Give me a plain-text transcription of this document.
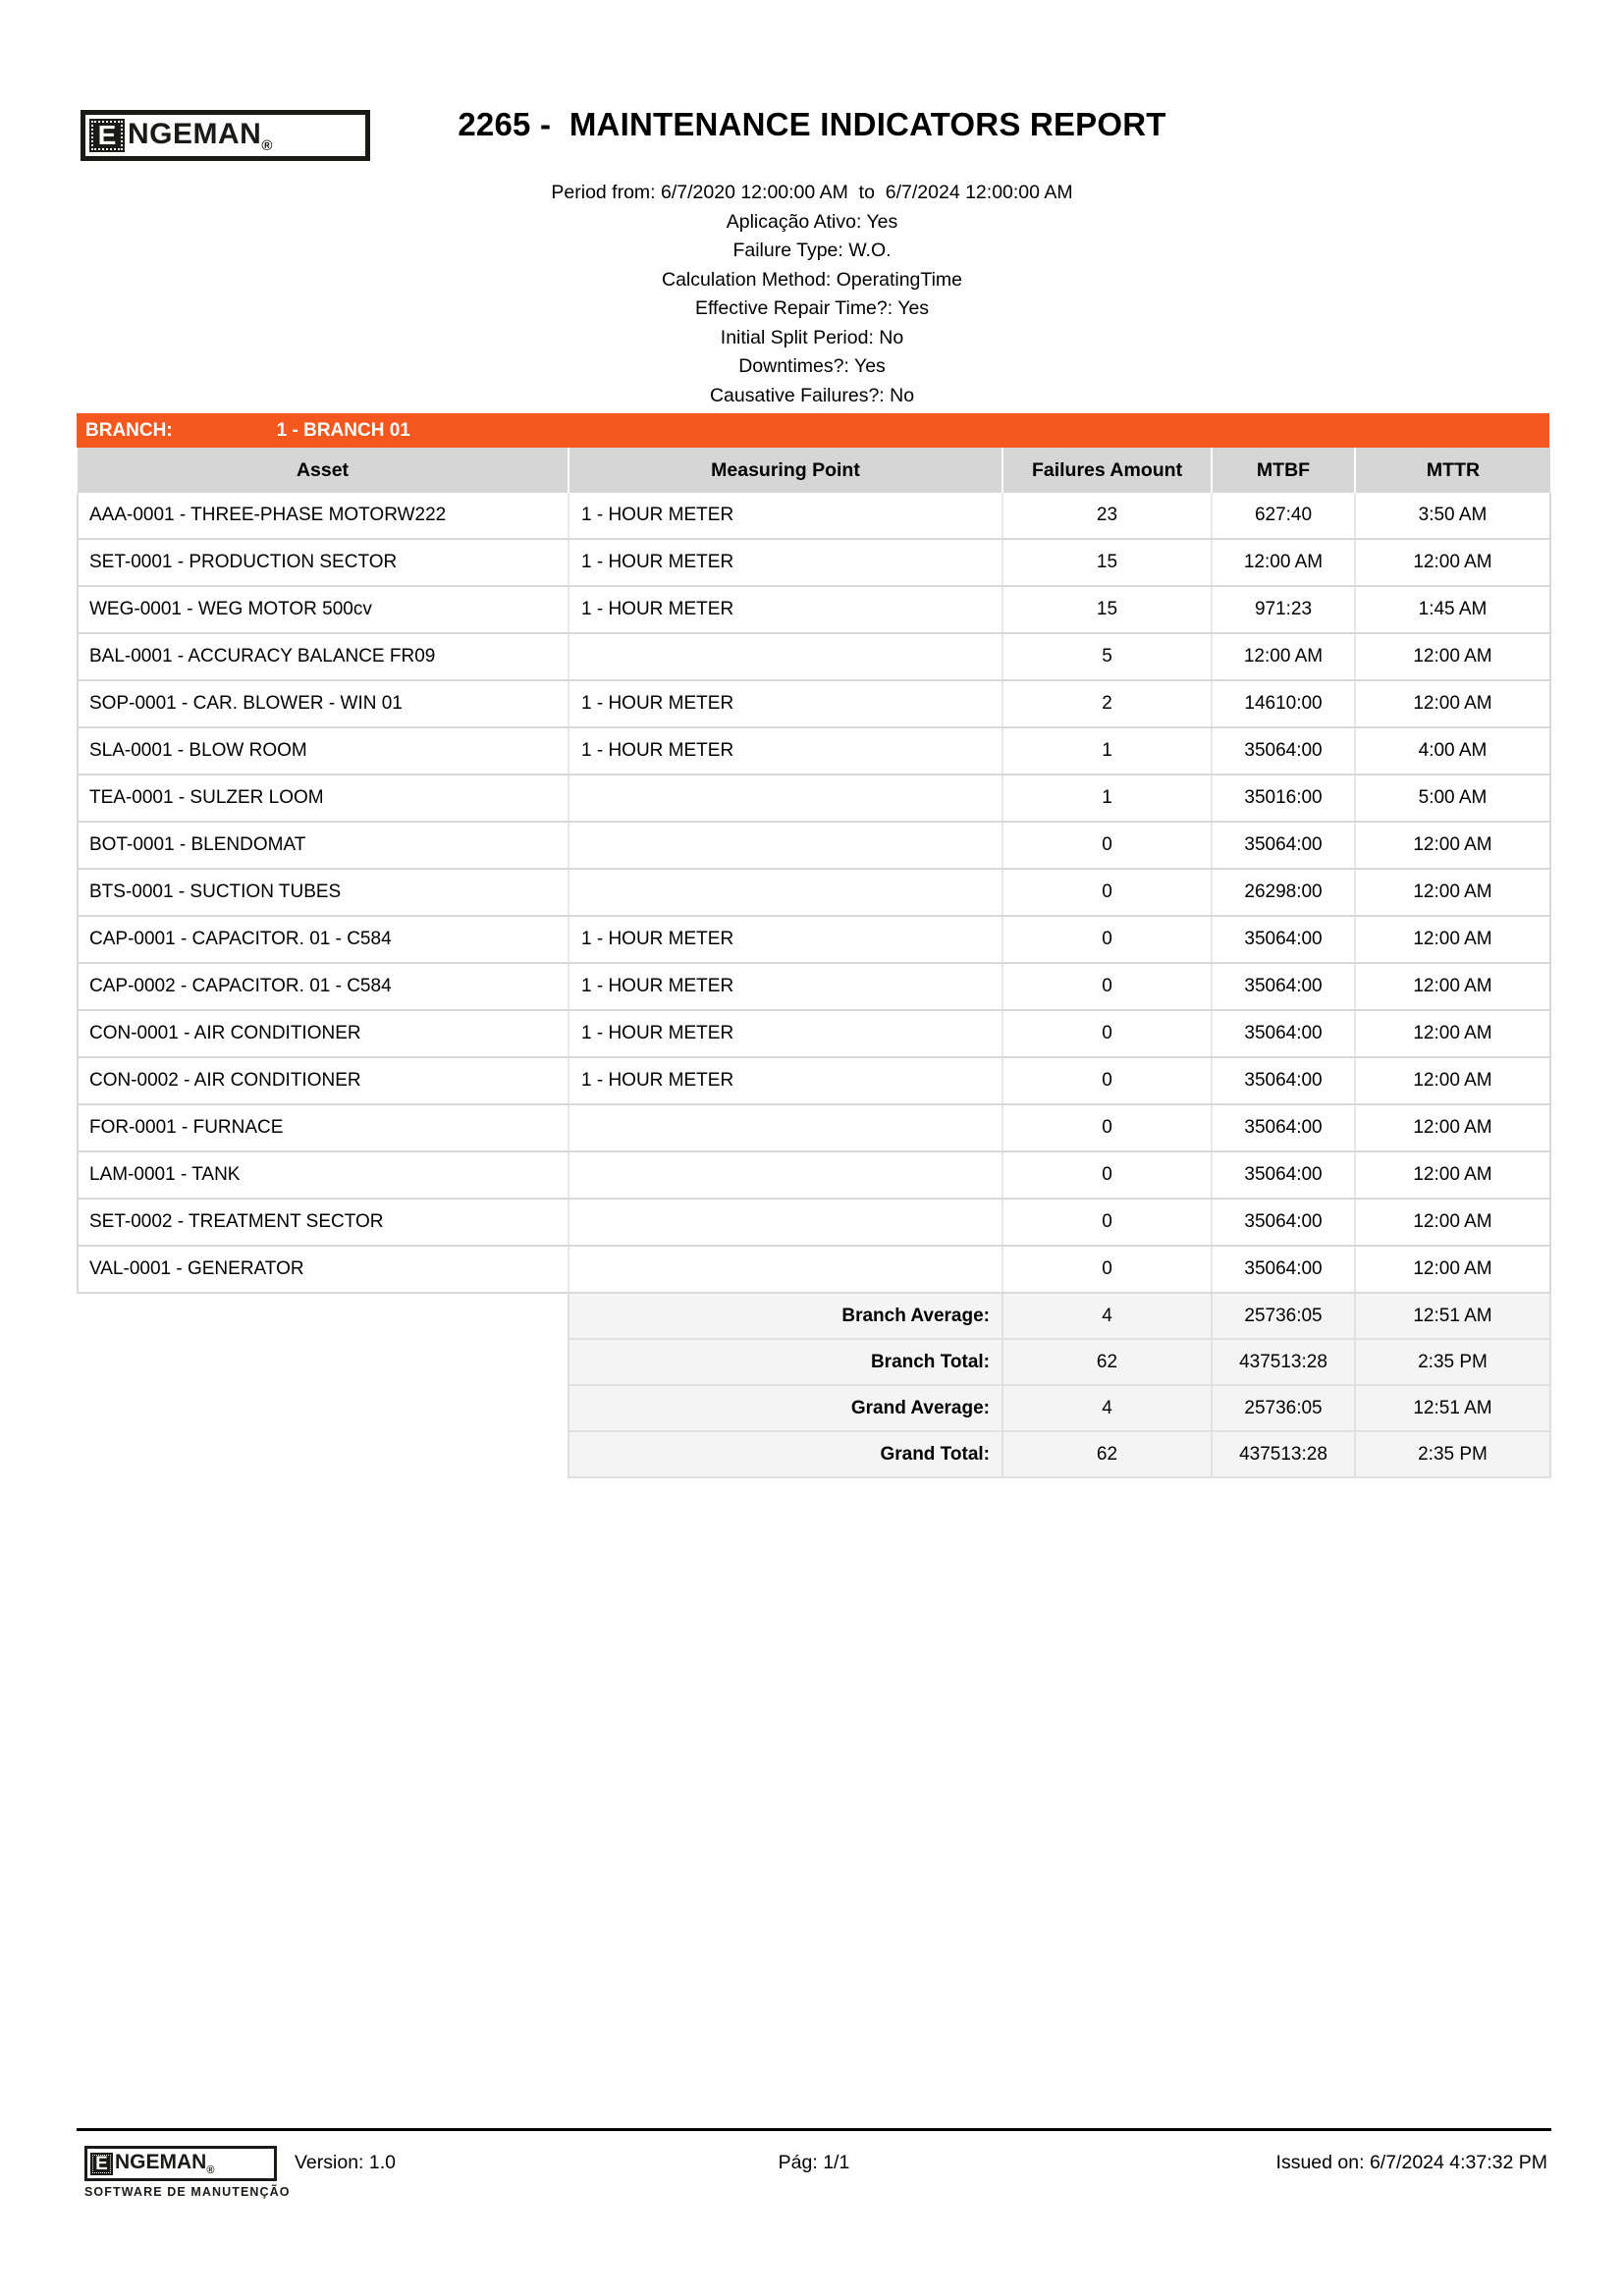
E $NGEMAN_®$
2265 -  MAINTENANCE INDICATORS REPORT
Period from: 6/7/2020 12:00:00 AM  to  6/7/2024 12:00:00 AM
Aplicação Ativo: Yes
Failure Type: W.O.
Calculation Method: OperatingTime
Effective Repair Time?: Yes
Initial Split Period: No
Downtimes?: Yes
Causative Failures?: No
BRANCH:	1 - BRANCH 01
Asset	Measuring Point	Failures Amount	MTBF	MTTR
AAA-0001 - THREE-PHASE MOTORW222	1 - HOUR METER	23	627:40	3:50 AM
SET-0001 - PRODUCTION SECTOR	1 - HOUR METER	15	12:00 AM	12:00 AM
WEG-0001 - WEG MOTOR 500cv	1 - HOUR METER	15	971:23	1:45 AM
BAL-0001 - ACCURACY BALANCE FR09		5	12:00 AM	12:00 AM
SOP-0001 - CAR. BLOWER - WIN 01	1 - HOUR METER	2	14610:00	12:00 AM
SLA-0001 - BLOW ROOM	1 - HOUR METER	1	35064:00	4:00 AM
TEA-0001 - SULZER LOOM		1	35016:00	5:00 AM
BOT-0001 - BLENDOMAT		0	35064:00	12:00 AM
BTS-0001 - SUCTION TUBES		0	26298:00	12:00 AM
CAP-0001 - CAPACITOR. 01 - C584	1 - HOUR METER	0	35064:00	12:00 AM
CAP-0002 - CAPACITOR. 01 - C584	1 - HOUR METER	0	35064:00	12:00 AM
CON-0001 - AIR CONDITIONER	1 - HOUR METER	0	35064:00	12:00 AM
CON-0002 - AIR CONDITIONER	1 - HOUR METER	0	35064:00	12:00 AM
FOR-0001 - FURNACE		0	35064:00	12:00 AM
LAM-0001 - TANK		0	35064:00	12:00 AM
SET-0002 - TREATMENT SECTOR		0	35064:00	12:00 AM
VAL-0001 - GENERATOR		0	35064:00	12:00 AM
	Branch Average:	4	25736:05	12:51 AM
	Branch Total:	62	437513:28	2:35 PM
	Grand Average:	4	25736:05	12:51 AM
	Grand Total:	62	437513:28	2:35 PM
E $NGEMAN_®$
SOFTWARE DE MANUTENÇÃO
Version: 1.0	Pág: 1/1	Issued on: 6/7/2024 4:37:32 PM
